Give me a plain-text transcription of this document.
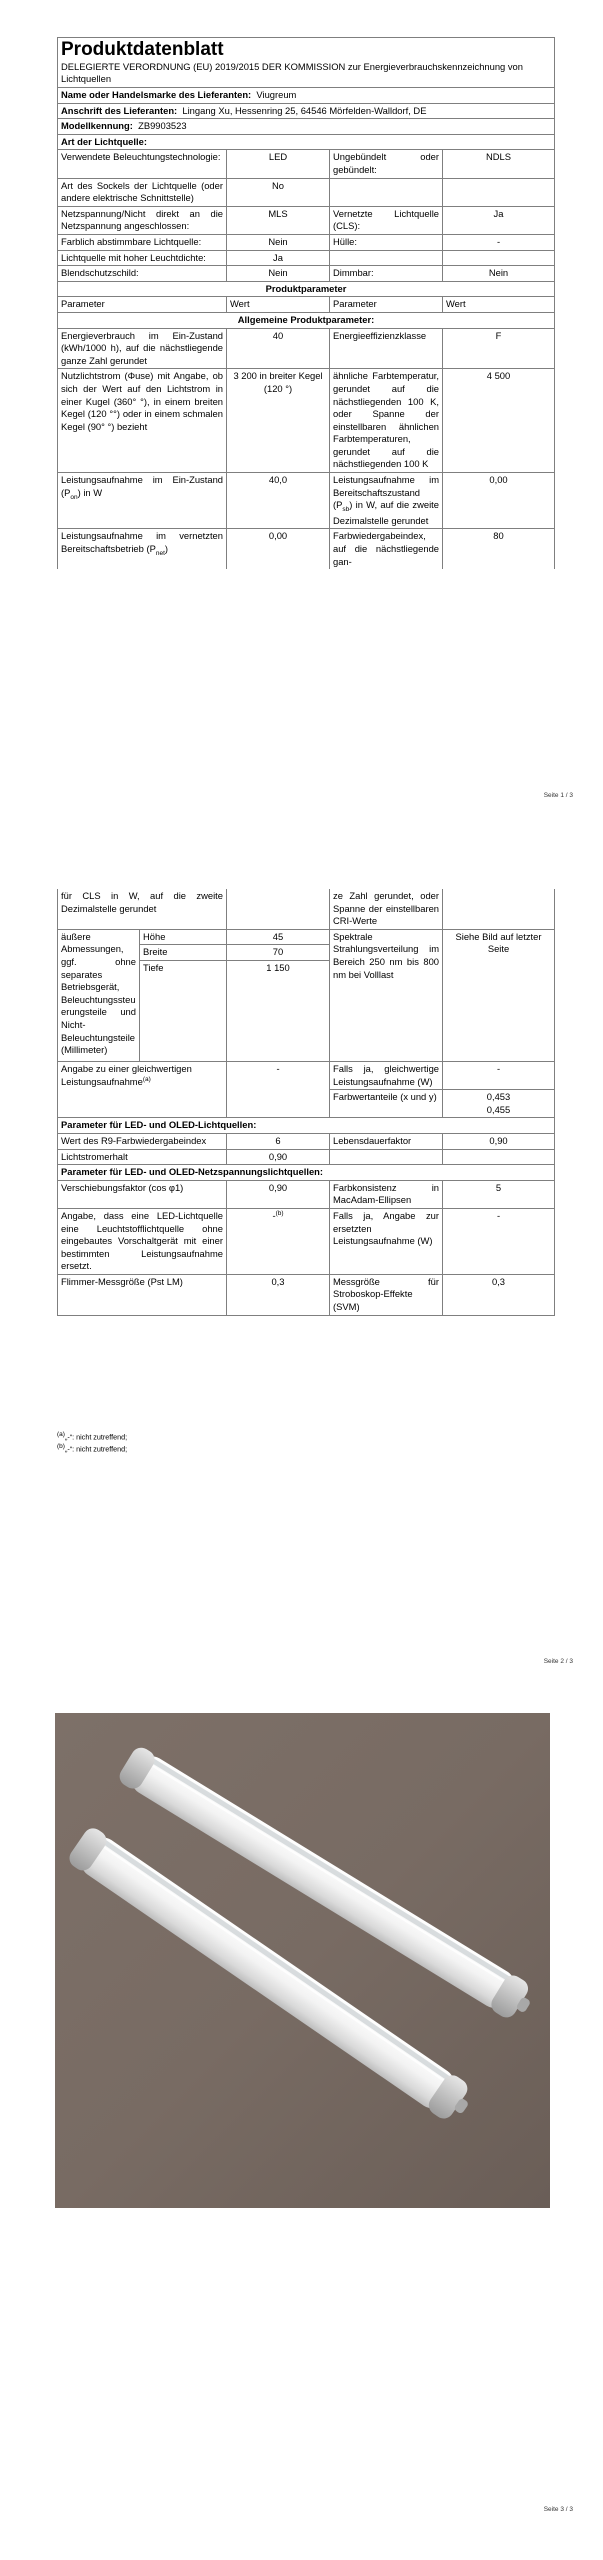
Produktdatenblatt
DELEGIERTE VERORDNUNG (EU) 2019/2015 DER KOMMISSION zur Energieverbrauchskennzeichnung von Lichtquellen			

Name oder Handelsmarke des Lieferanten: Viugreum			
Anschrift des Lieferanten: Lingang Xu, Hessenring 25, 64546 Mörfelden-Walldorf, DE			
Modellkennung: ZB9903523			
Art der Lichtquelle:			
Verwendete Beleuchtungstechnologie:	LED	Ungebündelt oder gebündelt:	NDLS
Art des Sockels der Lichtquelle (oder andere elektrische Schnittstelle)	No		
Netzspannung/Nicht direkt an die Netzspannung angeschlossen:	MLS	Vernetzte Lichtquelle (CLS):	Ja
Farblich abstimmbare Lichtquelle:	Nein	Hülle:	-
Lichtquelle mit hoher Leuchtdichte:	Ja		
Blendschutzschild:	Nein	Dimmbar:	Nein
Produktparameter			
Parameter	Wert	Parameter	Wert
Allgemeine Produktparameter:			
Energieverbrauch im Ein-Zustand (kWh/1000 h), auf die nächstliegende ganze Zahl gerundet	40	Energieeffizienzklasse	F
Nutzlichtstrom (Φuse) mit Angabe, ob sich der Wert auf den Lichtstrom in einer Kugel (360° °), in einem breiten Kegel (120 °°) oder in einem schmalen Kegel (90° °) bezieht	3 200 in breiter Kegel (120 °)	ähnliche Farbtemperatur, gerundet auf die nächstliegenden 100 K, oder Spanne der einstellbaren ähnlichen Farbtemperaturen, gerundet auf die nächstliegenden 100 K	4 500
Leistungsaufnahme im Ein-Zustand $(P_{on})$ in W	40,0	Leistungsaufnahme im Bereitschaftszustand $(P_{sb})$ in W, auf die zweite Dezimalstelle gerundet	0,00
Leistungsaufnahme im vernetzten Bereitschaftsbetrieb $(P_{net})$	0,00	Farbwiedergabeindex, auf die nächstliegende gan-	80
Seite 1 / 3
für CLS in W, auf die zweite Dezimalstelle gerundet			ze Zahl gerundet, oder Spanne der einstellbaren CRI-Werte	
äußere Abmessungen, ggf. ohne separates Betriebsgerät, Beleuchtungssteuerungsteile und Nicht-Beleuchtungsteile (Millimeter)	Höhe	45	Spektrale Strahlungsverteilung im Bereich 250 nm bis 800 nm bei Volllast	Siehe Bild auf letzter Seite
	Breite	70		
	Tiefe	1 150		
Angabe zu einer gleichwertigen Leistungsaufnahme$^{(a)}$		-	Falls ja, gleichwertige Leistungsaufnahme (W)	-
			Farbwertanteile (x und y)	0,453
0,455

Parameter für LED- und OLED-Lichtquellen:				
Wert des R9-Farbwiedergabeindex		6	Lebensdauerfaktor	0,90
Lichtstromerhalt		0,90		
Parameter für LED- und OLED-Netzspannungslichtquellen:				
Verschiebungsfaktor (cos φ1)		0,90	Farbkonsistenz in MacAdam-Ellipsen	5
Angabe, dass eine LED-Lichtquelle eine Leuchtstofflichtquelle ohne eingebautes Vorschaltgerät mit einer bestimmten Leistungsaufnahme ersetzt.		-$^{(b)}$	Falls ja, Angabe zur ersetzten Leistungsaufnahme (W)	-
Flimmer-Messgröße (Pst LM)		0,3	Messgröße für Stroboskop-Effekte (SVM)	0,3
$^{(a)}$„-“: nicht zutreffend;
$^{(b)}$„-“: nicht zutreffend;
Seite 2 / 3
Seite 3 / 3
